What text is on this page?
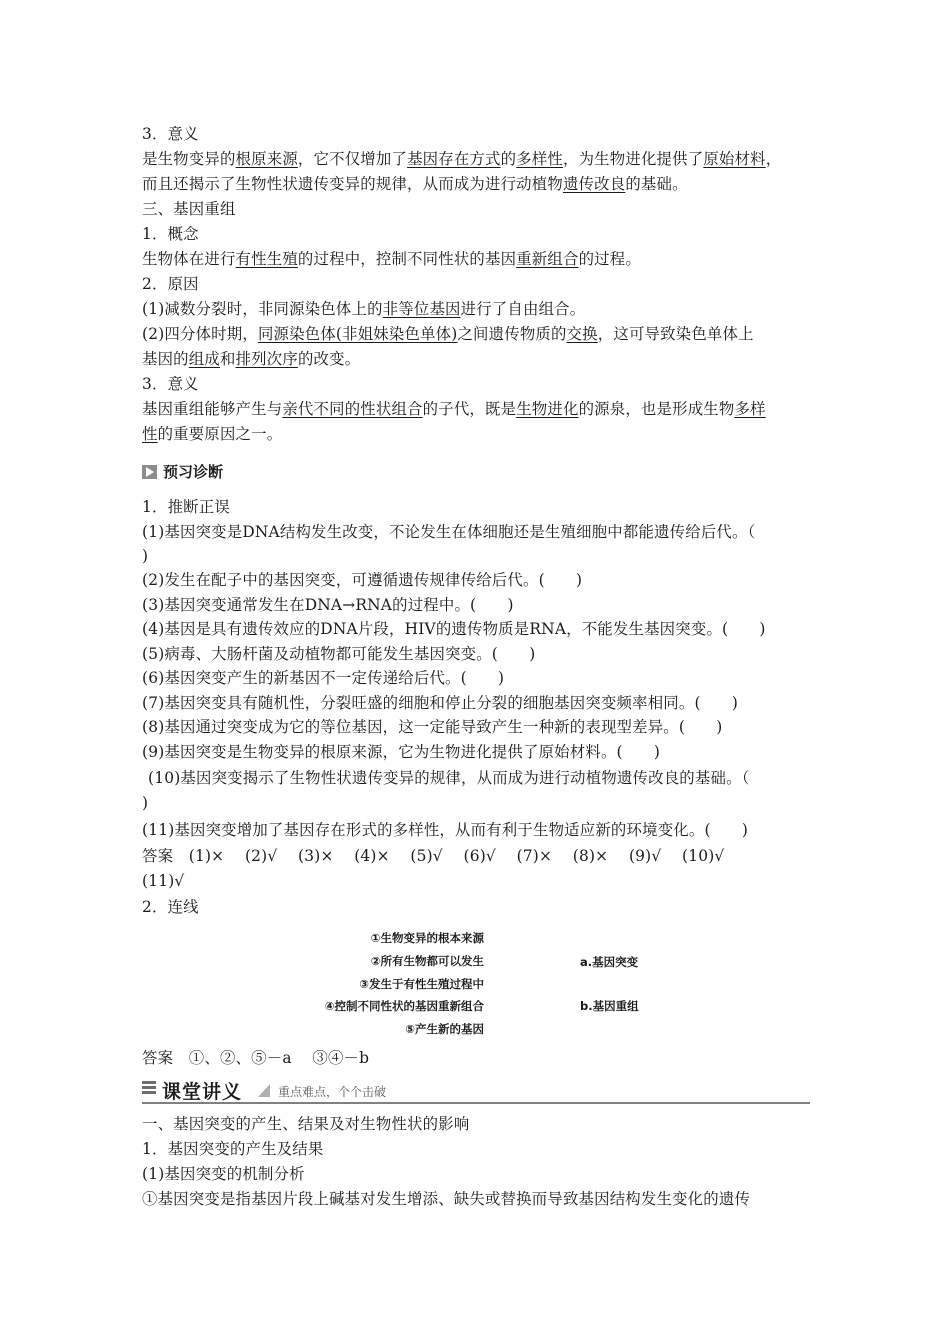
3．意义
是生物变异的根原来源，它不仅增加了基因存在方式的多样性，为生物进化提供了原始材料，
而且还揭示了生物性状遗传变异的规律，从而成为进行动植物遗传改良的基础。
三、基因重组
1．概念
生物体在进行有性生殖的过程中，控制不同性状的基因重新组合的过程。
2．原因
(1)减数分裂时，非同源染色体上的非等位基因进行了自由组合。
(2)四分体时期，同源染色体(非姐妹染色单体)之间遗传物质的交换，这可导致染色单体上
基因的组成和排列次序的改变。
3．意义
基因重组能够产生与亲代不同的性状组合的子代，既是生物进化的源泉，也是形成生物多样
性的重要原因之一。
预习诊断
1．推断正误
(1)基因突变是DNA结构发生改变，不论发生在体细胞还是生殖细胞中都能遗传给后代。（
)
(2)发生在配子中的基因突变，可遵循遗传规律传给后代。(　　)
(3)基因突变通常发生在DNA→RNA的过程中。(　　)
(4)基因是具有遗传效应的DNA片段，HIV的遗传物质是RNA，不能发生基因突变。(　　)
(5)病毒、大肠杆菌及动植物都可能发生基因突变。(　　)
(6)基因突变产生的新基因不一定传递给后代。(　　)
(7)基因突变具有随机性，分裂旺盛的细胞和停止分裂的细胞基因突变频率相同。(　　)
(8)基因通过突变成为它的等位基因，这一定能导致产生一种新的表现型差异。(　　)
(9)基因突变是生物变异的根原来源，它为生物进化提供了原始材料。(　　)
(10)基因突变揭示了生物性状遗传变异的规律，从而成为进行动植物遗传改良的基础。（
)
(11)基因突变增加了基因存在形式的多样性，从而有利于生物适应新的环境变化。(　　)
答案　(1)×　 (2)√　 (3)×　 (4)×　 (5)√　 (6)√　 (7)×　 (8)×　 (9)√　 (10)√
(11)√
2．连线
①生物变异的根本来源
②所有生物都可以发生
③发生于有性生殖过程中
④控制不同性状的基因重新组合
⑤产生新的基因
a.基因突变
b.基因重组
答案　①、②、⑤－a　 ③④－b
课堂讲义	重点难点，个个击破
一、基因突变的产生、结果及对生物性状的影响
1．基因突变的产生及结果
(1)基因突变的机制分析
①基因突变是指基因片段上碱基对发生增添、缺失或替换而导致基因结构发生变化的遗传
